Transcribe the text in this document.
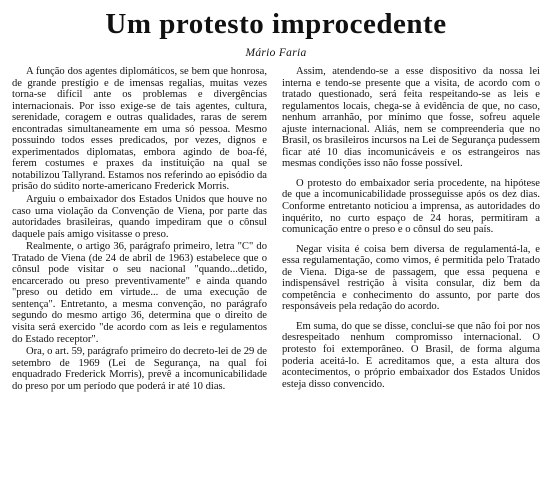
Um protesto improcedente
Mário Faria

A função dos agentes diplomáticos, se bem que honrosa, de grande prestígio e de imensas regalias, muitas vezes torna-se difícil ante os problemas e divergências internacionais. Por isso exige-se de tais agentes, cultura, serenidade, coragem e outras qualidades, raras de serem encontradas simultaneamente em uma só pessoa. Mesmo possuindo todos esses predicados, por vezes, dignos e experimentados diplomatas, embora agindo de boa-fé, ferem costumes e praxes da instituição na qual se notabilizou Tallyrand. Estamos nos referindo ao episódio da prisão do súdito norte-americano Frederick Morris.

Arguiu o embaixador dos Estados Unidos que houve no caso uma violação da Convenção de Viena, por parte das autoridades brasileiras, quando impediram que o cônsul daquele país amigo visitasse o preso.

Realmente, o artigo 36, parágrafo primeiro, letra "C" do Tratado de Viena (de 24 de abril de 1963) estabelece que o cônsul pode visitar o seu nacional "quando...detido, encarcerado ou preso preventivamente" e ainda quando "preso ou detido em virtude... de uma execução de sentença". Entretanto, a mesma convenção, no parágrafo segundo do mesmo artigo 36, determina que o direito de visita será exercido "de acordo com as leis e regulamentos do Estado receptor".

Ora, o art. 59, parágrafo primeiro do decreto-lei de 29 de setembro de 1969 (Lei de Segurança, na qual foi enquadrado Frederick Morris), prevê a incomunicabilidade do preso por um período que poderá ir até 10 dias.

Assim, atendendo-se a esse dispositivo da nossa lei interna e tendo-se presente que a visita, de acordo com o tratado questionado, será feita respeitando-se as leis e regulamentos locais, chega-se à evidência de que, no caso, nenhum arranhão, por mínimo que fosse, sofreu aquele ajuste internacional. Aliás, nem se compreenderia que no Brasil, os brasileiros incursos na Lei de Segurança pudessem ficar até 10 dias incomunicáveis e os estrangeiros nas mesmas condições isso não fosse possível.

O protesto do embaixador seria procedente, na hipótese de que a incomunicabilidade prosseguisse após os dez dias. Conforme entretanto noticiou a imprensa, as autoridades do inquérito, no curto espaço de 24 horas, permitiram a comunicação entre o preso e o cônsul do seu país.

Negar visita é coisa bem diversa de regulamentá-la, e essa regulamentação, como vimos, é permitida pelo Tratado de Viena. Diga-se de passagem, que essa pequena e indispensável restrição à visita consular, diz bem da competência e conhecimento do assunto, por parte dos responsáveis pela redação do acordo.

Em suma, do que se disse, conclui-se que não foi por nos desrespeitado nenhum compromisso internacional. O protesto foi extemporâneo. O Brasil, de forma alguma poderia aceitá-lo. E acreditamos que, a esta altura dos acontecimentos, o próprio embaixador dos Estados Unidos esteja disso convencido.
